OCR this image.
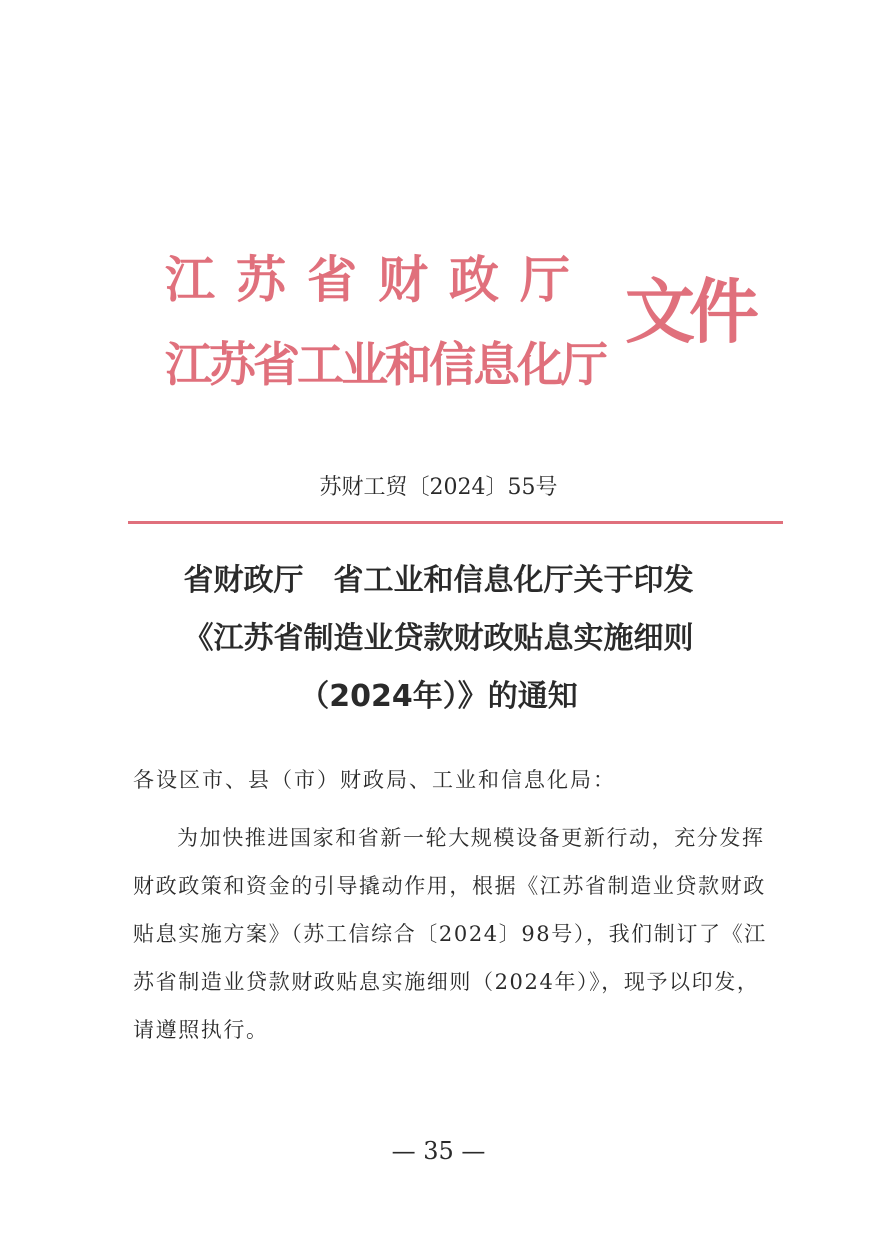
江苏省财政厅
江苏省工业和信息化厅
文件
苏财工贸〔2024〕55号
省财政厅　省工业和信息化厅关于印发
《江苏省制造业贷款财政贴息实施细则
（2024年）》的通知
各设区市、县（市）财政局、工业和信息化局：
为加快推进国家和省新一轮大规模设备更新行动，充分发挥
财政政策和资金的引导撬动作用，根据《江苏省制造业贷款财政
贴息实施方案》（苏工信综合〔2024〕98号），我们制订了《江
苏省制造业贷款财政贴息实施细则（2024年）》，现予以印发，
请遵照执行。
— 35 —
